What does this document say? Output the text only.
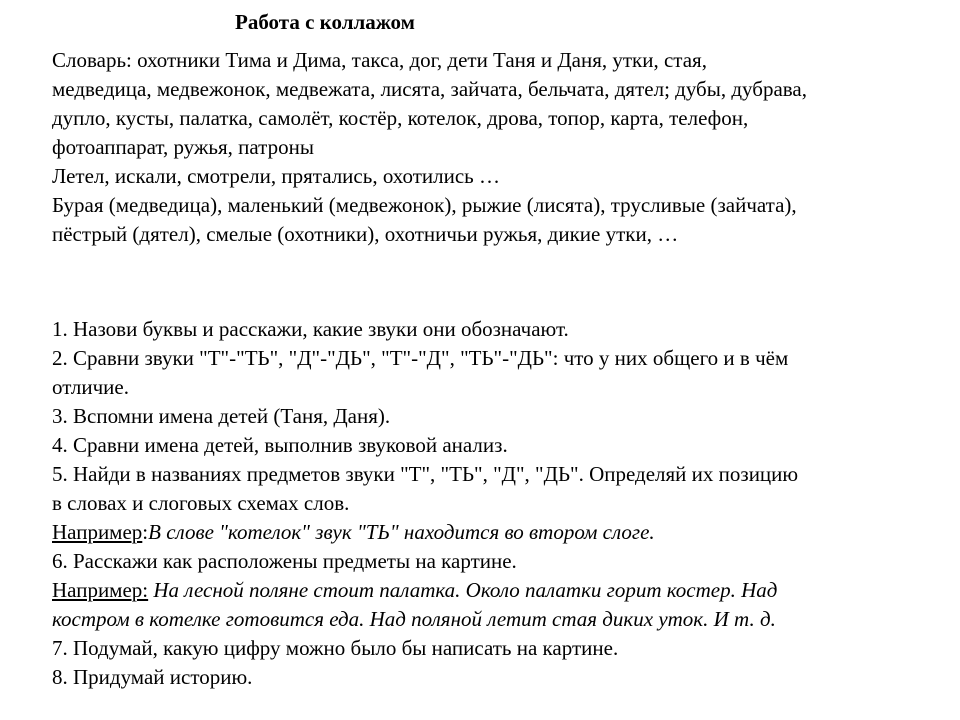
Работа с коллажом
Словарь: охотники Тима и Дима, такса, дог, дети Таня и Даня, утки, стая,
медведица, медвежонок, медвежата, лисята, зайчата, бельчата, дятел; дубы, дубрава,
дупло, кусты, палатка, самолёт, костёр, котелок, дрова, топор, карта, телефон,
фотоаппарат, ружья, патроны
Летел, искали, смотрели, прятались, охотились …
Бурая (медведица), маленький (медвежонок), рыжие (лисята), трусливые (зайчата),
пёстрый (дятел), смелые (охотники), охотничьи ружья, дикие утки, …
1. Назови буквы и расскажи, какие звуки они обозначают.
2. Сравни звуки "Т"-"ТЬ", "Д"-"ДЬ", "Т"-"Д", "ТЬ"-"ДЬ": что у них общего и в чём
отличие.
3. Вспомни имена детей (Таня, Даня).
4. Сравни имена детей, выполнив звуковой анализ.
5. Найди в названиях предметов звуки "Т", "ТЬ", "Д", "ДЬ". Определяй их позицию
в словах и слоговых схемах слов.
Например:В слове "котелок" звук "ТЬ" находится во втором слоге.
6. Расскажи как расположены предметы на картине.
Например: На лесной поляне стоит палатка. Около палатки горит костер. Над
костром в котелке готовится еда. Над поляной летит стая диких уток. И т. д.
7. Подумай, какую цифру можно было бы написать на картине.
8. Придумай историю.
